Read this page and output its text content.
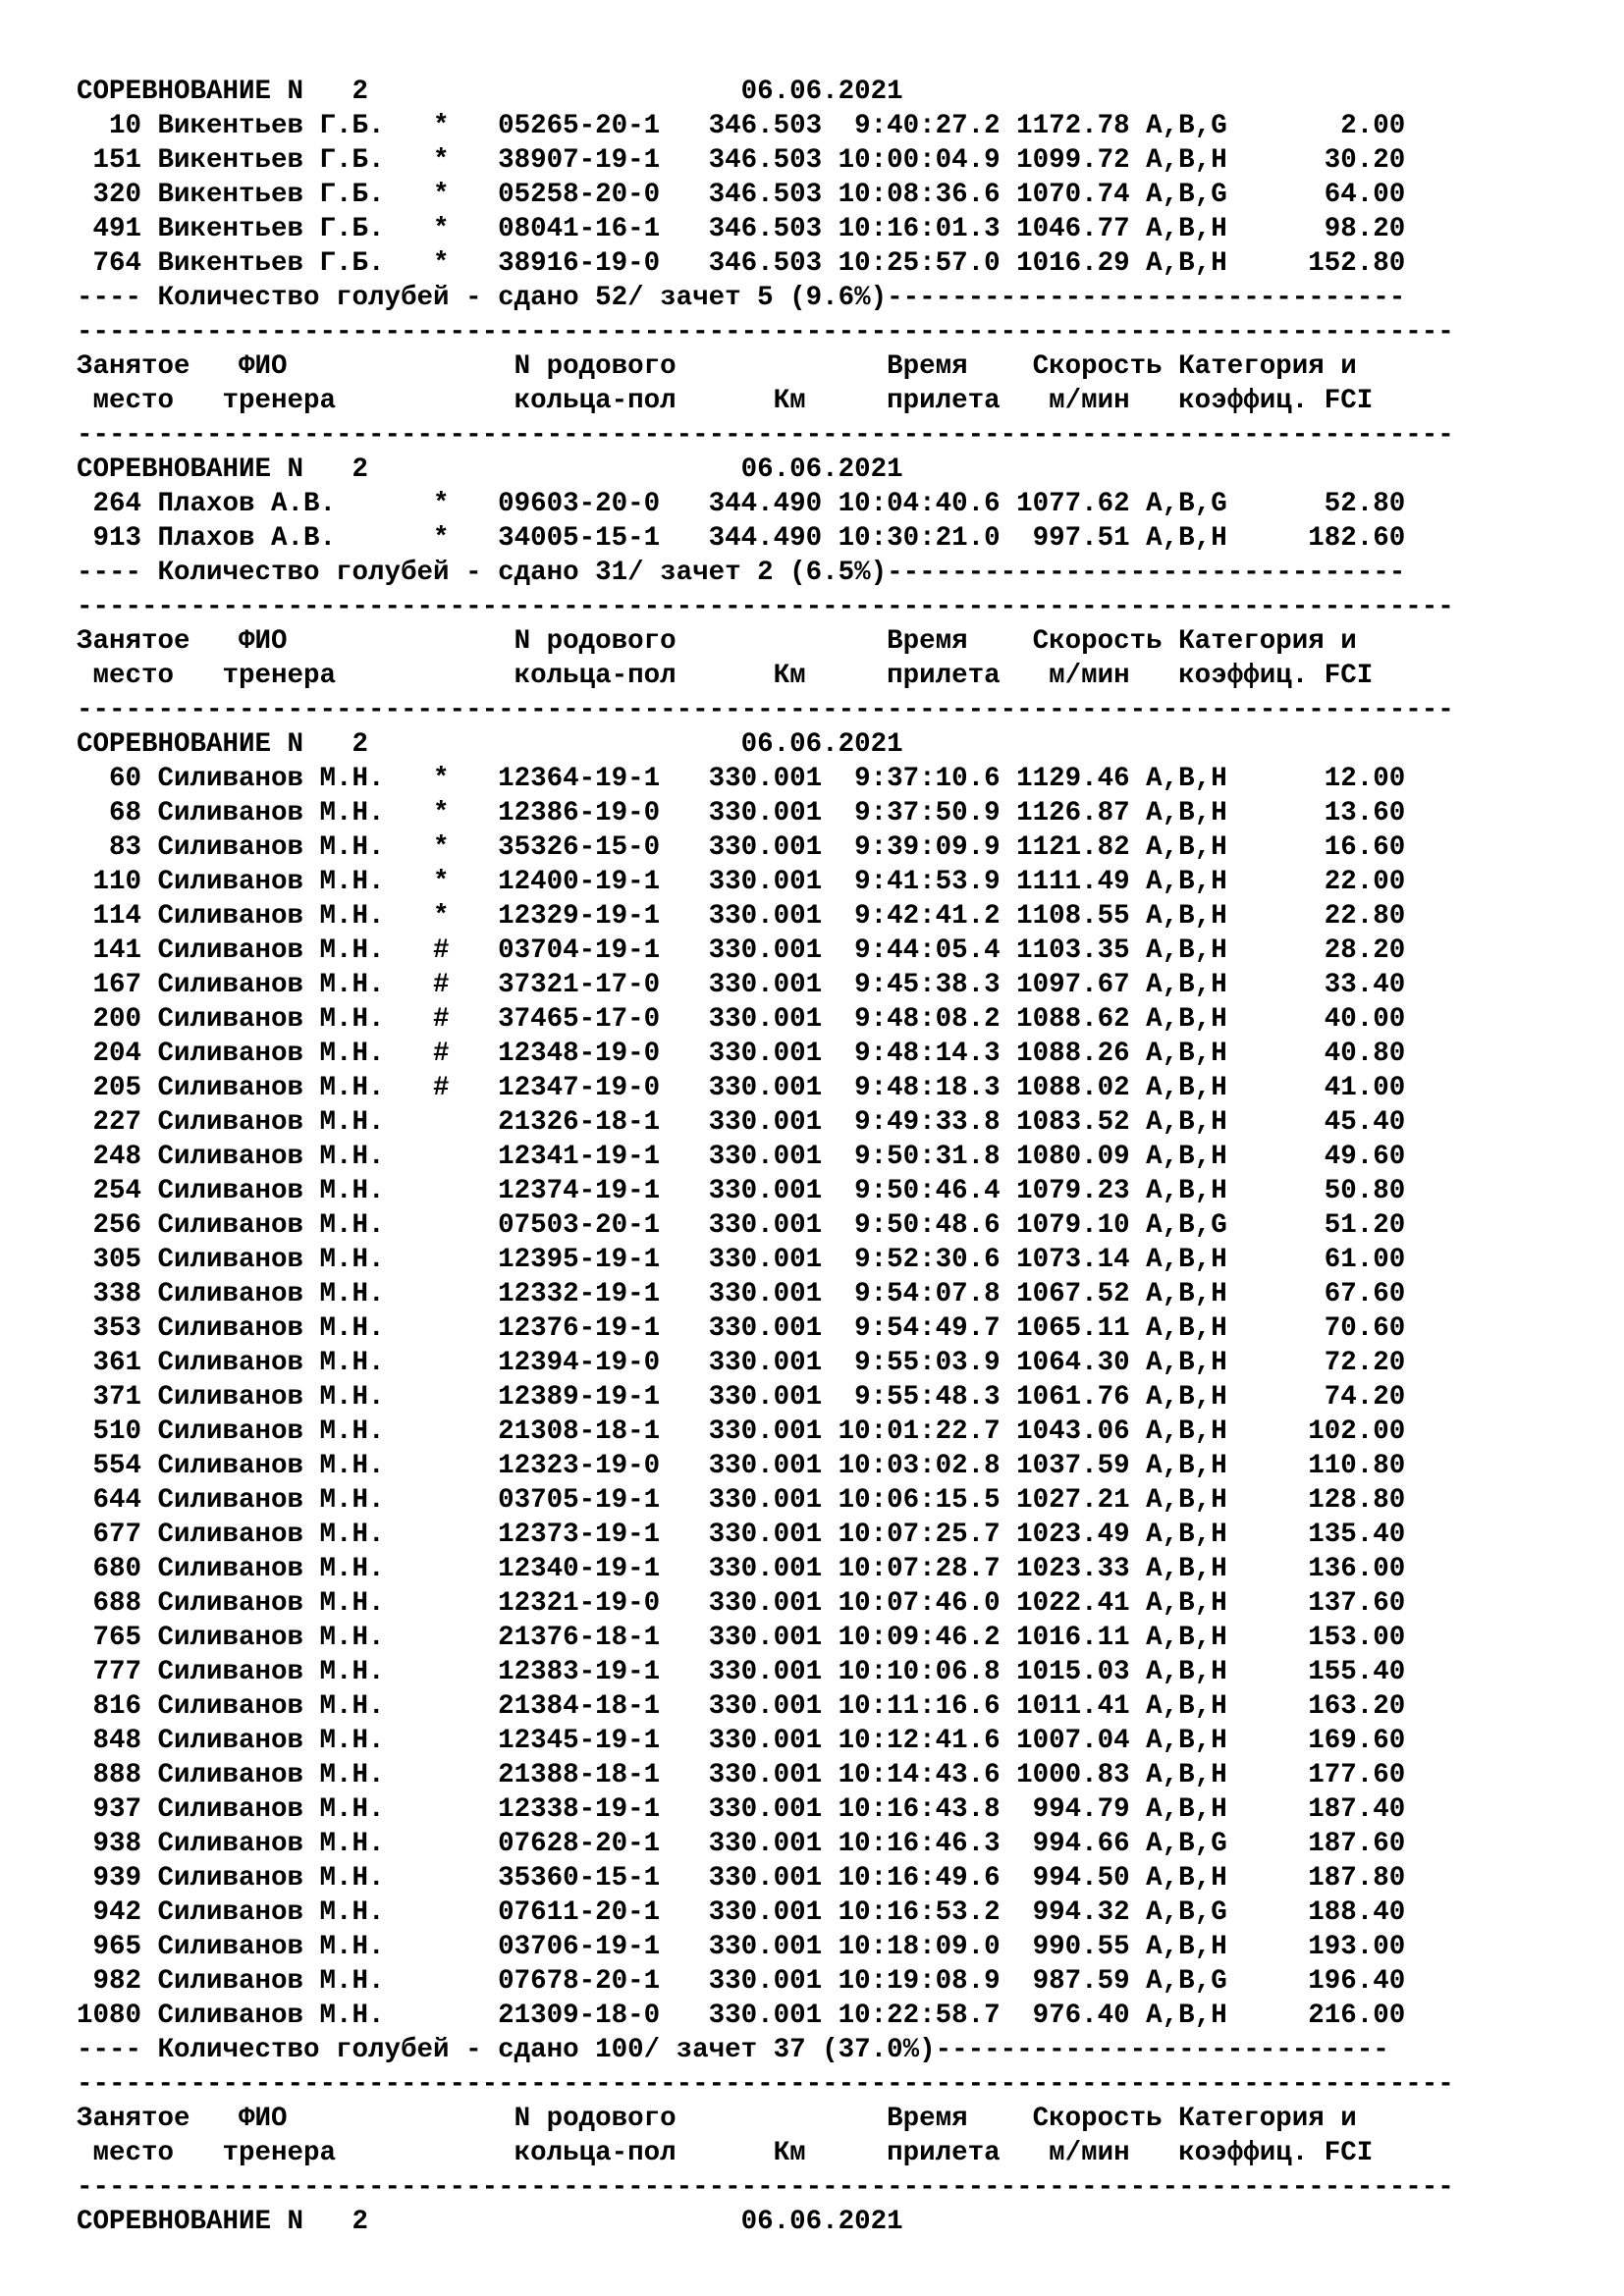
СОРЕВНОВАНИЕ N   2                       06.06.2021
10 Викентьев Г.Б.   *   05265-20-1   346.503  9:40:27.2 1172.78 A,B,G       2.00
151 Викентьев Г.Б.   *   38907-19-1   346.503 10:00:04.9 1099.72 A,B,H      30.20
320 Викентьев Г.Б.   *   05258-20-0   346.503 10:08:36.6 1070.74 A,B,G      64.00
491 Викентьев Г.Б.   *   08041-16-1   346.503 10:16:01.3 1046.77 A,B,H      98.20
764 Викентьев Г.Б.   *   38916-19-0   346.503 10:25:57.0 1016.29 A,B,H     152.80
---- Количество голубей - сдано 52/ зачет 5 (9.6%)--------------------------------
-------------------------------------------------------------------------------------
Занятое   ФИО              N родового             Время    Скорость Категория и
место   тренера           кольца-пол      Км     прилета   м/мин   коэффиц. FCI
-------------------------------------------------------------------------------------
СОРЕВНОВАНИЕ N   2                       06.06.2021
264 Плахов А.В.      *   09603-20-0   344.490 10:04:40.6 1077.62 A,B,G      52.80
913 Плахов А.В.      *   34005-15-1   344.490 10:30:21.0  997.51 A,B,H     182.60
---- Количество голубей - сдано 31/ зачет 2 (6.5%)--------------------------------
-------------------------------------------------------------------------------------
Занятое   ФИО              N родового             Время    Скорость Категория и
место   тренера           кольца-пол      Км     прилета   м/мин   коэффиц. FCI
-------------------------------------------------------------------------------------
СОРЕВНОВАНИЕ N   2                       06.06.2021
60 Силиванов М.Н.   *   12364-19-1   330.001  9:37:10.6 1129.46 A,B,H      12.00
68 Силиванов М.Н.   *   12386-19-0   330.001  9:37:50.9 1126.87 A,B,H      13.60
83 Силиванов М.Н.   *   35326-15-0   330.001  9:39:09.9 1121.82 A,B,H      16.60
110 Силиванов М.Н.   *   12400-19-1   330.001  9:41:53.9 1111.49 A,B,H      22.00
114 Силиванов М.Н.   *   12329-19-1   330.001  9:42:41.2 1108.55 A,B,H      22.80
141 Силиванов М.Н.   #   03704-19-1   330.001  9:44:05.4 1103.35 A,B,H      28.20
167 Силиванов М.Н.   #   37321-17-0   330.001  9:45:38.3 1097.67 A,B,H      33.40
200 Силиванов М.Н.   #   37465-17-0   330.001  9:48:08.2 1088.62 A,B,H      40.00
204 Силиванов М.Н.   #   12348-19-0   330.001  9:48:14.3 1088.26 A,B,H      40.80
205 Силиванов М.Н.   #   12347-19-0   330.001  9:48:18.3 1088.02 A,B,H      41.00
227 Силиванов М.Н.       21326-18-1   330.001  9:49:33.8 1083.52 A,B,H      45.40
248 Силиванов М.Н.       12341-19-1   330.001  9:50:31.8 1080.09 A,B,H      49.60
254 Силиванов М.Н.       12374-19-1   330.001  9:50:46.4 1079.23 A,B,H      50.80
256 Силиванов М.Н.       07503-20-1   330.001  9:50:48.6 1079.10 A,B,G      51.20
305 Силиванов М.Н.       12395-19-1   330.001  9:52:30.6 1073.14 A,B,H      61.00
338 Силиванов М.Н.       12332-19-1   330.001  9:54:07.8 1067.52 A,B,H      67.60
353 Силиванов М.Н.       12376-19-1   330.001  9:54:49.7 1065.11 A,B,H      70.60
361 Силиванов М.Н.       12394-19-0   330.001  9:55:03.9 1064.30 A,B,H      72.20
371 Силиванов М.Н.       12389-19-1   330.001  9:55:48.3 1061.76 A,B,H      74.20
510 Силиванов М.Н.       21308-18-1   330.001 10:01:22.7 1043.06 A,B,H     102.00
554 Силиванов М.Н.       12323-19-0   330.001 10:03:02.8 1037.59 A,B,H     110.80
644 Силиванов М.Н.       03705-19-1   330.001 10:06:15.5 1027.21 A,B,H     128.80
677 Силиванов М.Н.       12373-19-1   330.001 10:07:25.7 1023.49 A,B,H     135.40
680 Силиванов М.Н.       12340-19-1   330.001 10:07:28.7 1023.33 A,B,H     136.00
688 Силиванов М.Н.       12321-19-0   330.001 10:07:46.0 1022.41 A,B,H     137.60
765 Силиванов М.Н.       21376-18-1   330.001 10:09:46.2 1016.11 A,B,H     153.00
777 Силиванов М.Н.       12383-19-1   330.001 10:10:06.8 1015.03 A,B,H     155.40
816 Силиванов М.Н.       21384-18-1   330.001 10:11:16.6 1011.41 A,B,H     163.20
848 Силиванов М.Н.       12345-19-1   330.001 10:12:41.6 1007.04 A,B,H     169.60
888 Силиванов М.Н.       21388-18-1   330.001 10:14:43.6 1000.83 A,B,H     177.60
937 Силиванов М.Н.       12338-19-1   330.001 10:16:43.8  994.79 A,B,H     187.40
938 Силиванов М.Н.       07628-20-1   330.001 10:16:46.3  994.66 A,B,G     187.60
939 Силиванов М.Н.       35360-15-1   330.001 10:16:49.6  994.50 A,B,H     187.80
942 Силиванов М.Н.       07611-20-1   330.001 10:16:53.2  994.32 A,B,G     188.40
965 Силиванов М.Н.       03706-19-1   330.001 10:18:09.0  990.55 A,B,H     193.00
982 Силиванов М.Н.       07678-20-1   330.001 10:19:08.9  987.59 A,B,G     196.40
1080 Силиванов М.Н.       21309-18-0   330.001 10:22:58.7  976.40 A,B,H     216.00
---- Количество голубей - сдано 100/ зачет 37 (37.0%)----------------------------
-------------------------------------------------------------------------------------
Занятое   ФИО              N родового             Время    Скорость Категория и
место   тренера           кольца-пол      Км     прилета   м/мин   коэффиц. FCI
-------------------------------------------------------------------------------------
СОРЕВНОВАНИЕ N   2                       06.06.2021
